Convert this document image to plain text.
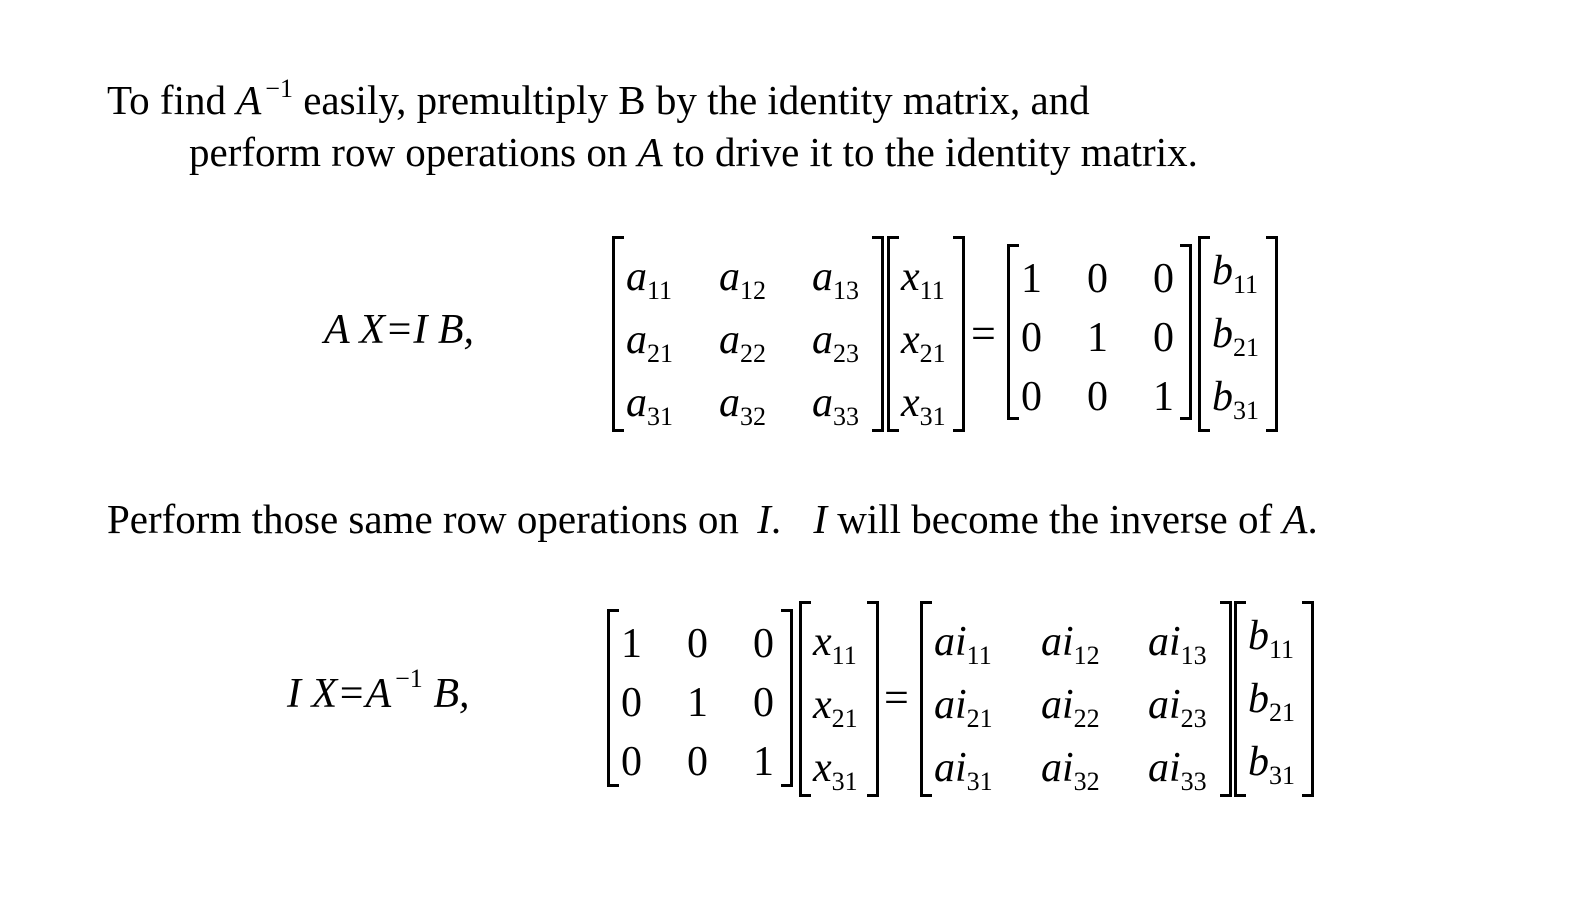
To find A $^{-1}$ easily, premultiply B by the identity matrix, and
perform row operations on A to drive it to the identity matrix.
A X=I B,
$a_{11}$ $a_{12}$ $a_{13}$
$a_{21}$ $a_{22}$ $a_{23}$
$a_{31}$ $a_{32}$ $a_{33}$
$x_{11}$
$x_{21}$
$x_{31}$
=
1 0 0
0 1 0
0 0 1
$b_{11}$
$b_{21}$
$b_{31}$
Perform those same row operations on I. I will become the inverse of A.
I X=A $^{-1}$ B,
1 0 0
0 1 0
0 0 1
$x_{11}$
$x_{21}$
$x_{31}$
=
$ai_{11}$ $ai_{12}$ $ai_{13}$
$ai_{21}$ $ai_{22}$ $ai_{23}$
$ai_{31}$ $ai_{32}$ $ai_{33}$
$b_{11}$
$b_{21}$
$b_{31}$
